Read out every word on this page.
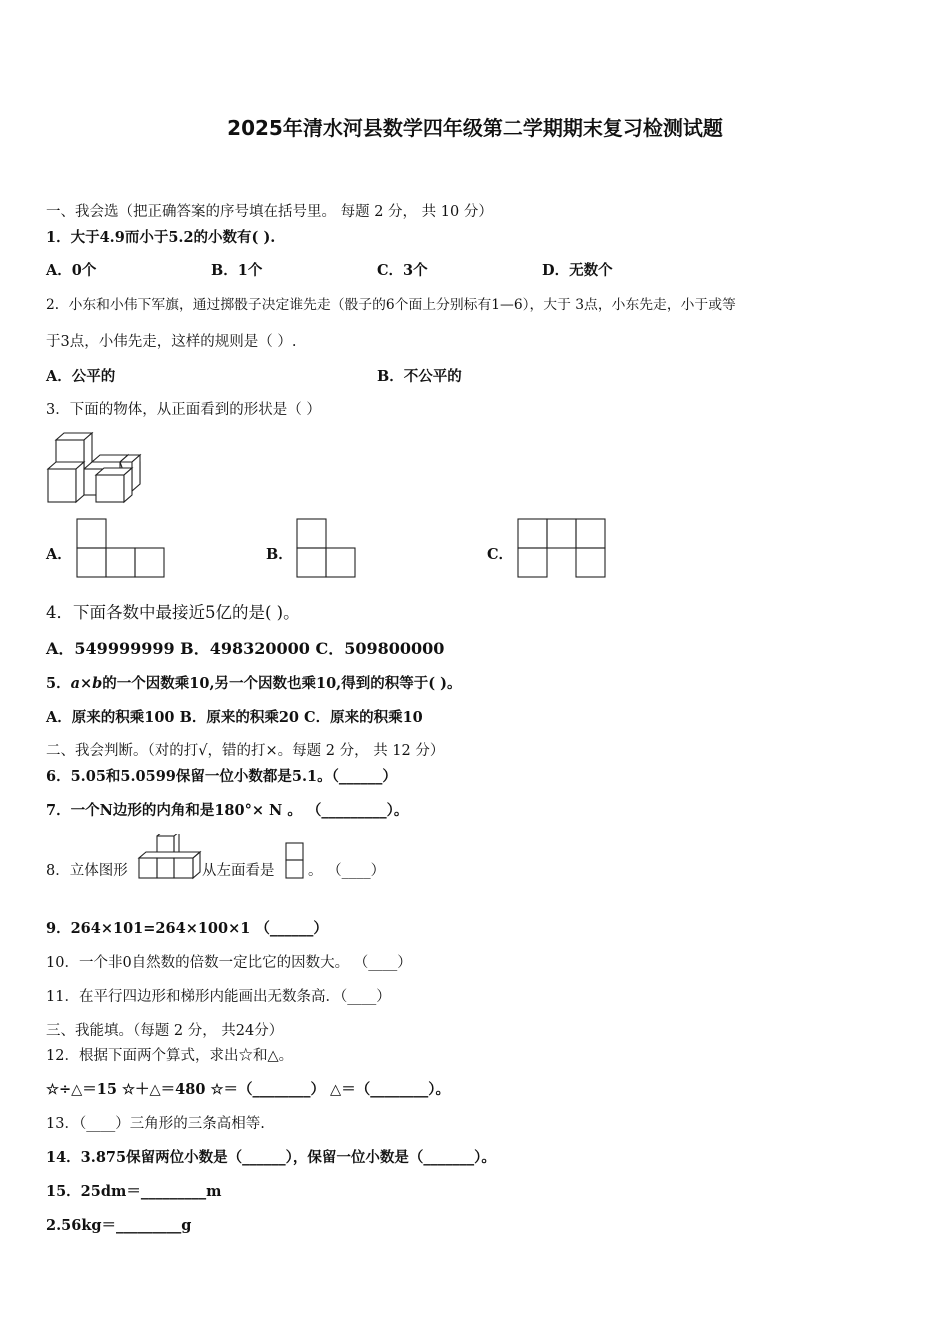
2025年清水河县数学四年级第二学期期末复习检测试题
一、我会选（把正确答案的序号填在括号里。 每题 2 分， 共 10 分）
1．大于4.9而小于5.2的小数有( ).
A．0个	B．1个	C．3个	D．无数个
2．小东和小伟下军旗，通过掷骰子决定谁先走（骰子的6个面上分别标有1—6），大于 3点，小东先走，小于或等
于3点，小伟先走，这样的规则是（ ）.
A．公平的	B．不公平的
3．下面的物体，从正面看到的形状是（ ）
A．	B．	C．
4．下面各数中最接近5亿的是( )。
A．549999999 B．498320000 C．509800000
5．a×b的一个因数乘10,另一个因数也乘10,得到的积等于( )。
A．原来的积乘100 B．原来的积乘20 C．原来的积乘10
二、我会判断。（对的打√，错的打×。每题 2 分， 共 12 分）
6．5.05和5.0599保留一位小数都是5.1。（______）
7．一个N边形的内角和是180°× N 。 （_________）。
8．立体图形	从左面看是 。 （____）
9．264×101=264×100×1 （______）
10．一个非0自然数的倍数一定比它的因数大。 （____）
11．在平行四边形和梯形内能画出无数条高．（____）
三、我能填。（每题 2 分， 共24分）
12．根据下面两个算式，求出☆和△。
☆÷△＝15 ☆＋△＝480 ☆＝（________） △＝（________）。
13．（____）三角形的三条高相等.
14．3.875保留两位小数是（______），保留一位小数是（_______）。
15．25dm＝_________m
2.56kg＝_________g
